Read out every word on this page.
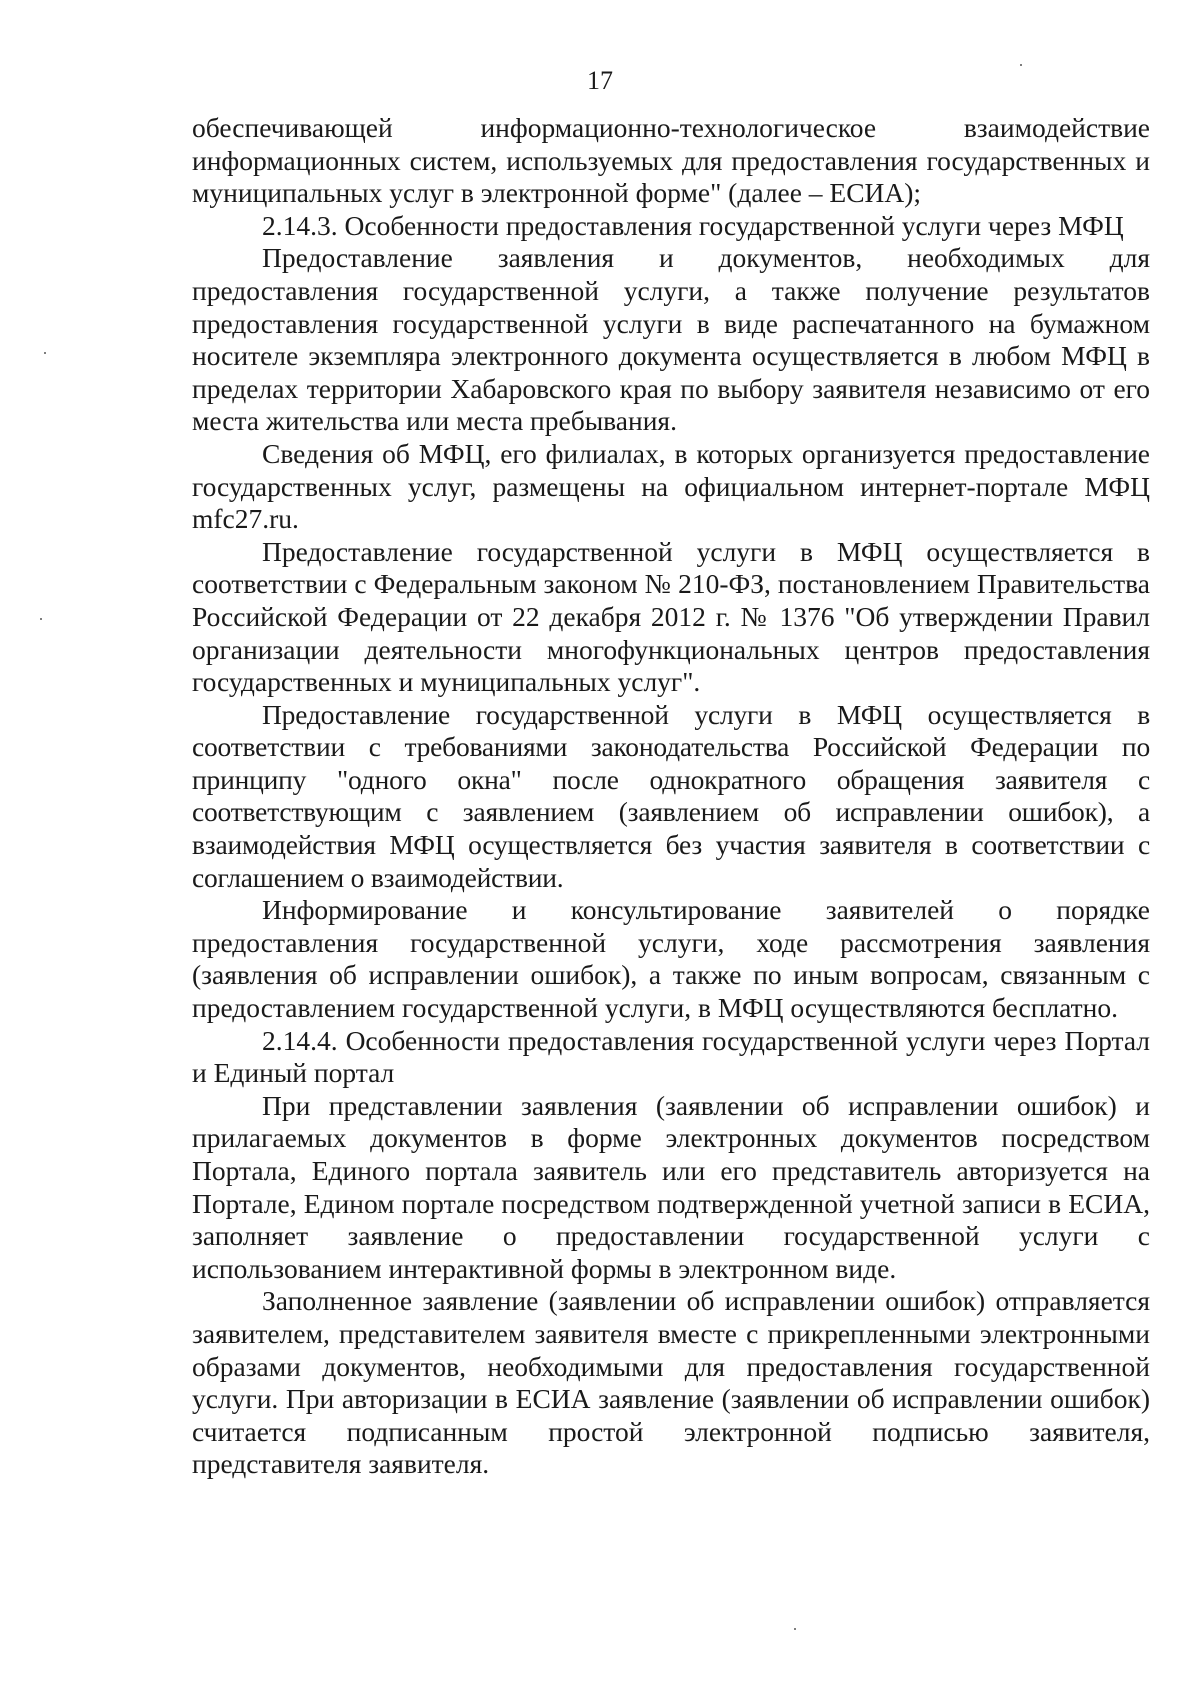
17

обеспечивающей информационно-технологическое взаимодействие информационных систем, используемых для предоставления государственных и муниципальных услуг в электронной форме" (далее – ЕСИА);

2.14.3. Особенности предоставления государственной услуги через МФЦ

Предоставление заявления и документов, необходимых для предоставления государственной услуги, а также получение результатов предоставления государственной услуги в виде распечатанного на бумажном носителе экземпляра электронного документа осуществляется в любом МФЦ в пределах территории Хабаровского края по выбору заявителя независимо от его места жительства или места пребывания.

Сведения об МФЦ, его филиалах, в которых организуется предоставление государственных услуг, размещены на официальном интернет-портале МФЦ mfc27.ru.

Предоставление государственной услуги в МФЦ осуществляется в соответствии с Федеральным законом № 210-ФЗ, постановлением Правительства Российской Федерации от 22 декабря 2012 г. № 1376 "Об утверждении Правил организации деятельности многофункциональных центров предоставления государственных и муниципальных услуг".

Предоставление государственной услуги в МФЦ осуществляется в соответствии с требованиями законодательства Российской Федерации по принципу "одного окна" после однократного обращения заявителя с соответствующим с заявлением (заявлением об исправлении ошибок), а взаимодействия МФЦ осуществляется без участия заявителя в соответствии с соглашением о взаимодействии.

Информирование и консультирование заявителей о порядке предоставления государственной услуги, ходе рассмотрения заявления (заявления об исправлении ошибок), а также по иным вопросам, связанным с предоставлением государственной услуги, в МФЦ осуществляются бесплатно.

2.14.4. Особенности предоставления государственной услуги через Портал и Единый портал

При представлении заявления (заявлении об исправлении ошибок) и прилагаемых документов в форме электронных документов посредством Портала, Единого портала заявитель или его представитель авторизуется на Портале, Едином портале посредством подтвержденной учетной записи в ЕСИА, заполняет заявление о предоставлении государственной услуги с использованием интерактивной формы в электронном виде.

Заполненное заявление (заявлении об исправлении ошибок) отправляется заявителем, представителем заявителя вместе с прикрепленными электронными образами документов, необходимыми для предоставления государственной услуги. При авторизации в ЕСИА заявление (заявлении об исправлении ошибок) считается подписанным простой электронной подписью заявителя, представителя заявителя.
